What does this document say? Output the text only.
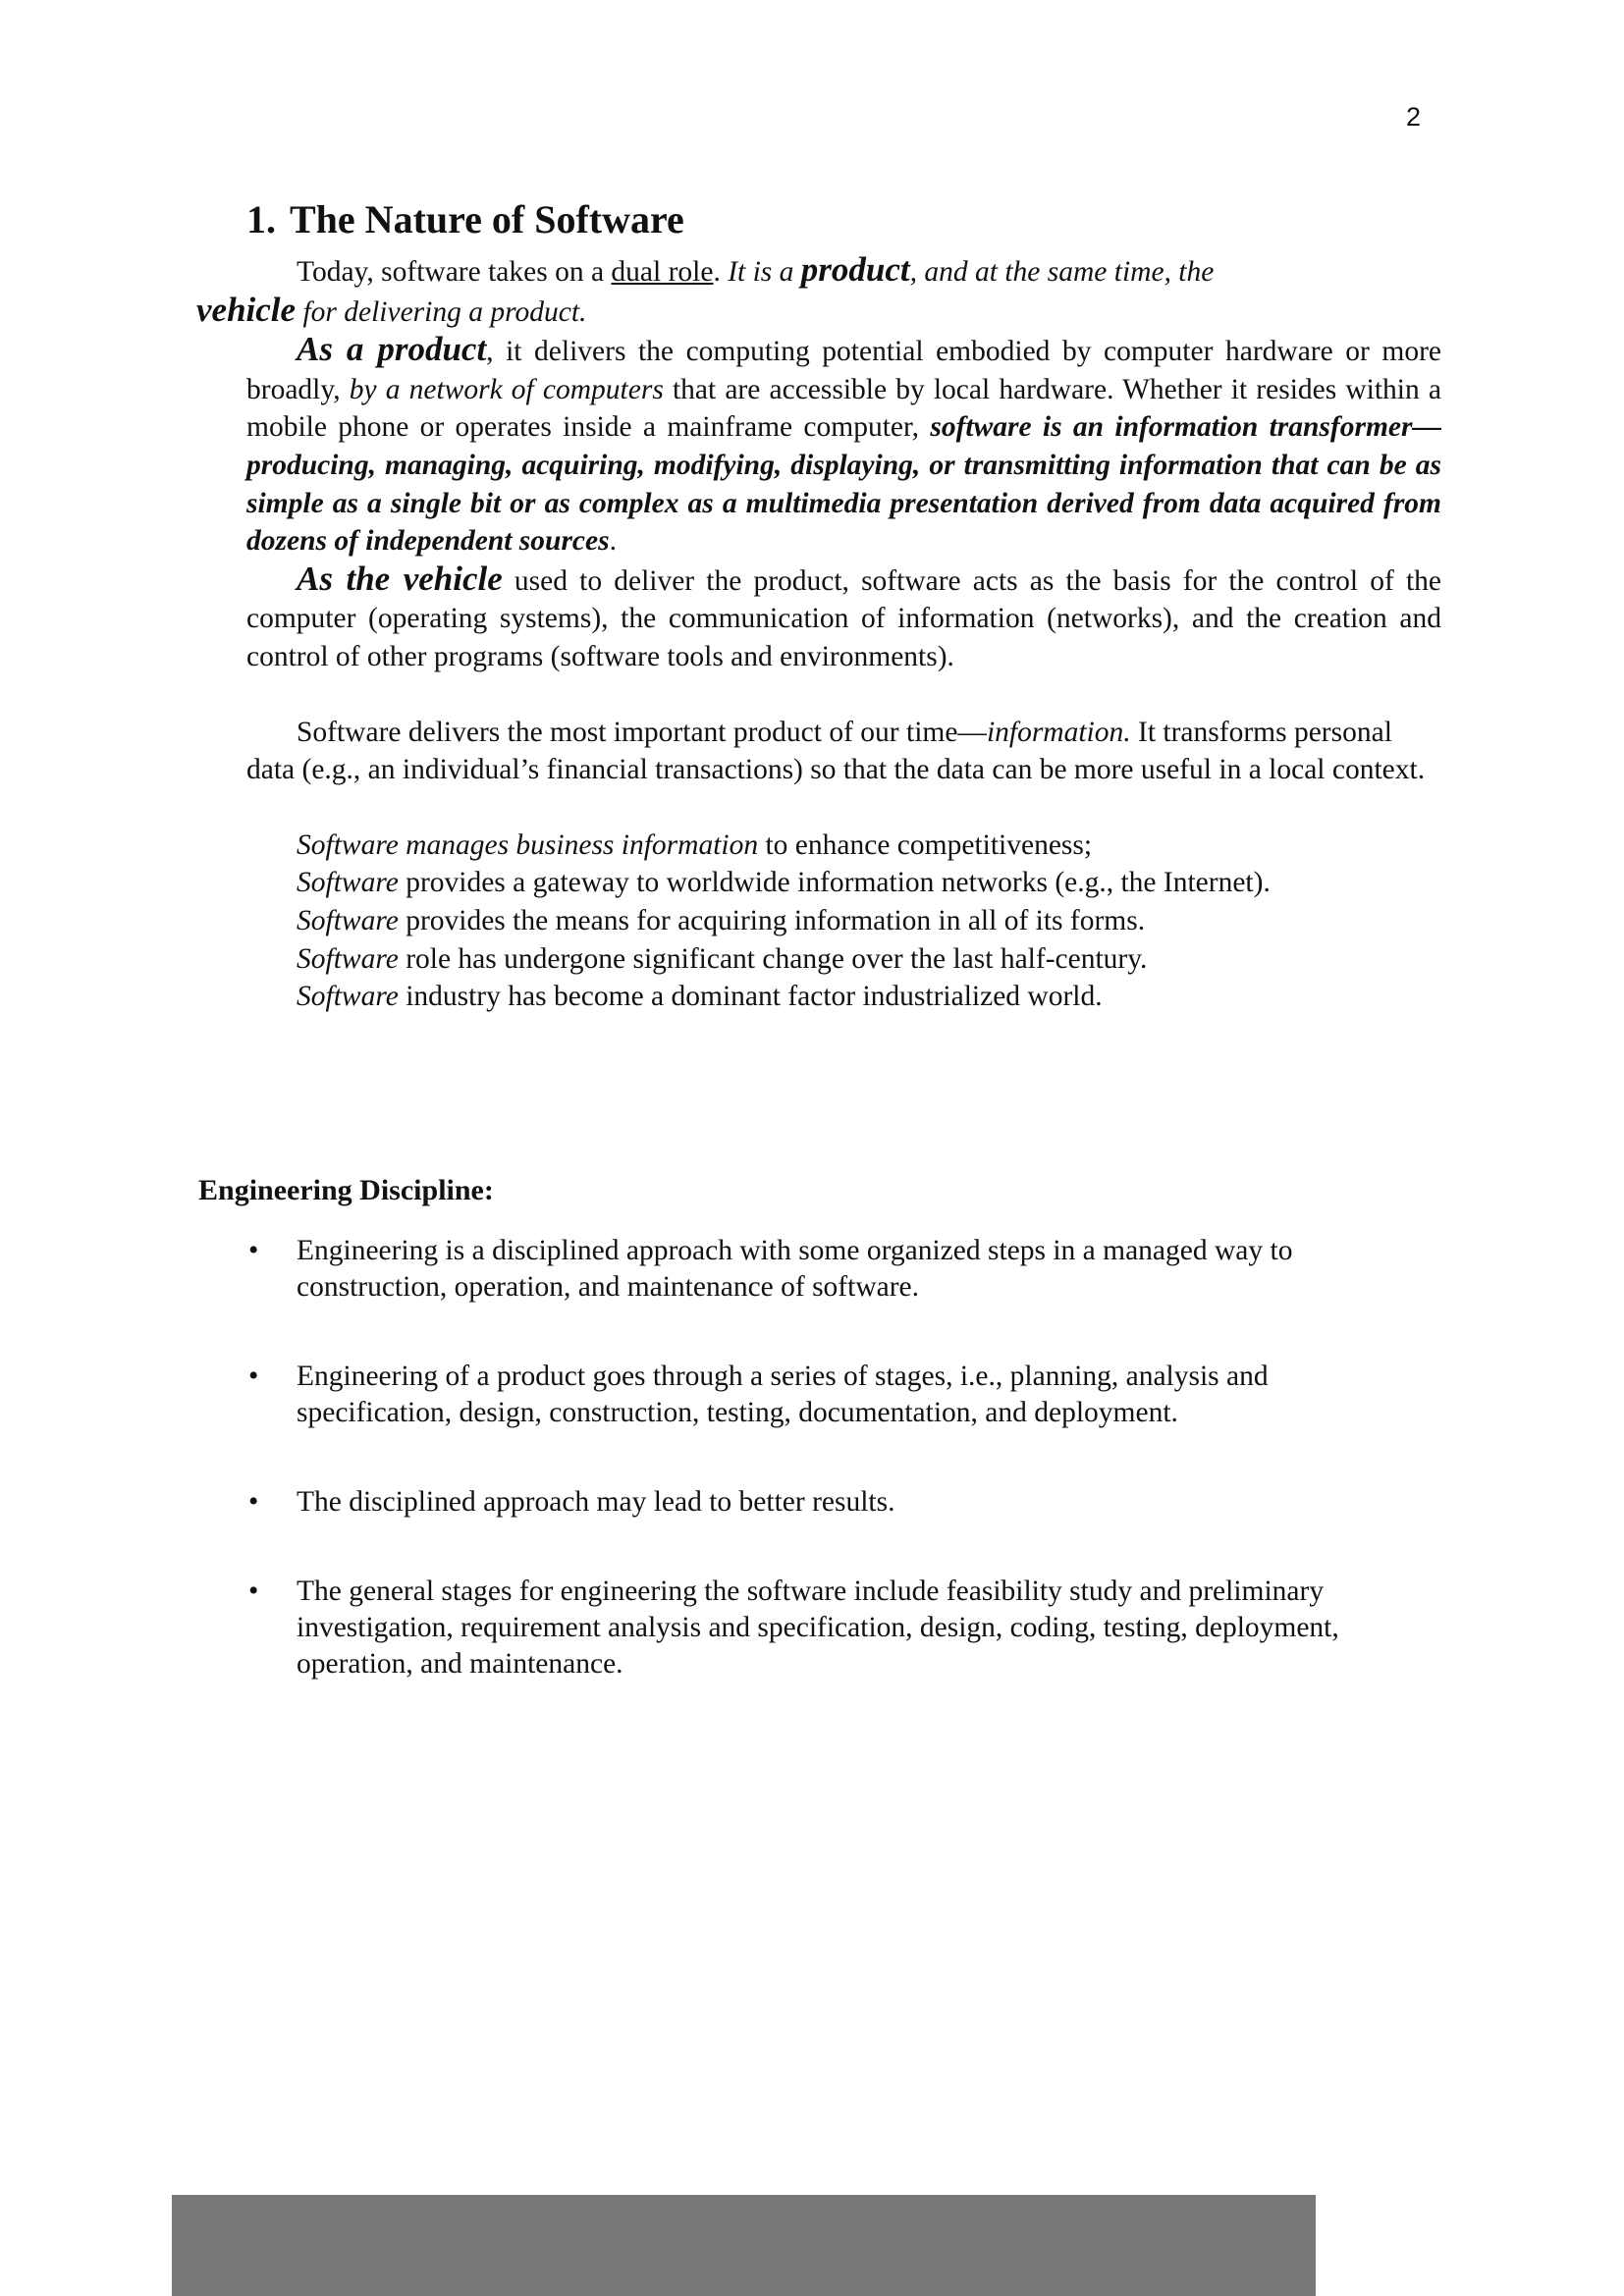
2
1. The Nature of Software

Today, software takes on a dual role. It is a product, and at the same time, the
vehicle for delivering a product.

As a product, it delivers the computing potential embodied by computer hardware or more broadly, by a network of computers that are accessible by local hardware. Whether it resides within a mobile phone or operates inside a mainframe computer, software is an information transformer—producing, managing, acquiring, modifying, displaying, or transmitting information that can be as simple as a single bit or as complex as a multimedia presentation derived from data acquired from dozens of independent sources.

As the vehicle used to deliver the product, software acts as the basis for the control of the computer (operating systems), the communication of information (networks), and the creation and control of other programs (software tools and environments).

Software delivers the most important product of our time—information. It transforms personal data (e.g., an individual’s financial transactions) so that the data can be more useful in a local context.

Software manages business information to enhance competitiveness;
Software provides a gateway to worldwide information networks (e.g., the Internet).
Software provides the means for acquiring information in all of its forms.
Software role has undergone significant change over the last half-century.
Software industry has become a dominant factor industrialized world.
Engineering Discipline:
• Engineering is a disciplined approach with some organized steps in a managed way to construction, operation, and maintenance of software.
• Engineering of a product goes through a series of stages, i.e., planning, analysis and specification, design, construction, testing, documentation, and deployment.
• The disciplined approach may lead to better results.
• The general stages for engineering the software include feasibility study and preliminary investigation, requirement analysis and specification, design, coding, testing, deployment, operation, and maintenance.
